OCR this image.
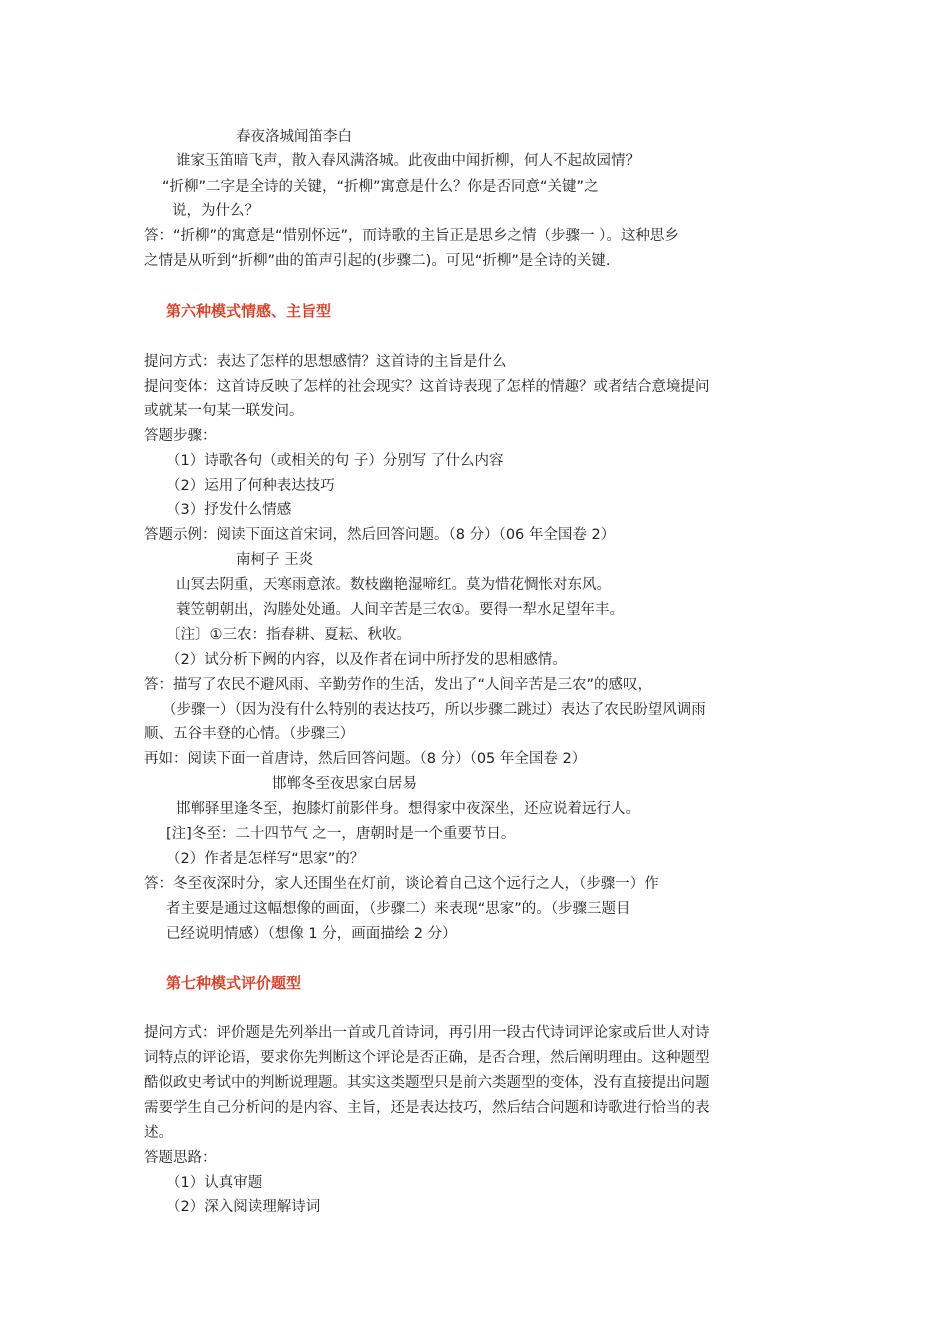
春夜洛城闻笛李白
谁家玉笛暗飞声，散入春风满洛城。此夜曲中闻折柳，何人不起故园情？
“折柳”二字是全诗的关键，“折柳”寓意是什么？你是否同意“关键”之
说，为什么？
答：“折柳”的寓意是“惜别怀远”，而诗歌的主旨正是思乡之情（步骤一 ）。这种思乡
之情是从听到“折柳”曲的笛声引起的(步骤二)。可见“折柳”是全诗的关键.
第六种模式情感、主旨型
提问方式：表达了怎样的思想感情？这首诗的主旨是什么
提问变体：这首诗反映了怎样的社会现实？这首诗表现了怎样的情趣？或者结合意境提问
或就某一句某一联发问。
答题步骤：
（1）诗歌各句（或相关的句 子）分别写 了什么内容
（2）运用了何种表达技巧
（3）抒发什么情感
答题示例：阅读下面这首宋词，然后回答问题。（8 分）（06 年全国卷 2）
南柯子 王炎
山冥去阴重，天寒雨意浓。数枝幽艳湿啼红。莫为惜花惆怅对东风。
蓑笠朝朝出，沟塍处处通。人间辛苦是三农①。要得一犁水足望年丰。
〔注〕①三农：指春耕、夏耘、秋收。
（2）试分析下阙的内容，以及作者在词中所抒发的思相感情。
答：描写了农民不避风雨、辛勤劳作的生活，发出了“人间辛苦是三农”的感叹，
（步骤一）（因为没有什么特别的表达技巧，所以步骤二跳过）表达了农民盼望风调雨
顺、五谷丰登的心情。（步骤三）
再如：阅读下面一首唐诗，然后回答问题。（8 分）（05 年全国卷 2）
邯郸冬至夜思家白居易
邯郸驿里逢冬至，抱膝灯前影伴身。想得家中夜深坐，还应说着远行人。
[注]冬至：二十四节气 之一，唐朝时是一个重要节日。
（2）作者是怎样写“思家”的？
答：冬至夜深时分，家人还围坐在灯前，谈论着自己这个远行之人，（步骤一）作
者主要是通过这幅想像的画面，（步骤二）来表现“思家”的。（步骤三题目
已经说明情感）（想像 1 分，画面描绘 2 分）
第七种模式评价题型
提问方式：评价题是先列举出一首或几首诗词，再引用一段古代诗词评论家或后世人对诗
词特点的评论语，要求你先判断这个评论是否正确，是否合理，然后阐明理由。这种题型
酷似政史考试中的判断说理题。其实这类题型只是前六类题型的变体，没有直接提出问题
需要学生自己分析问的是内容、主旨，还是表达技巧，然后结合问题和诗歌进行恰当的表
述。
答题思路：
（1）认真审题
（2）深入阅读理解诗词
